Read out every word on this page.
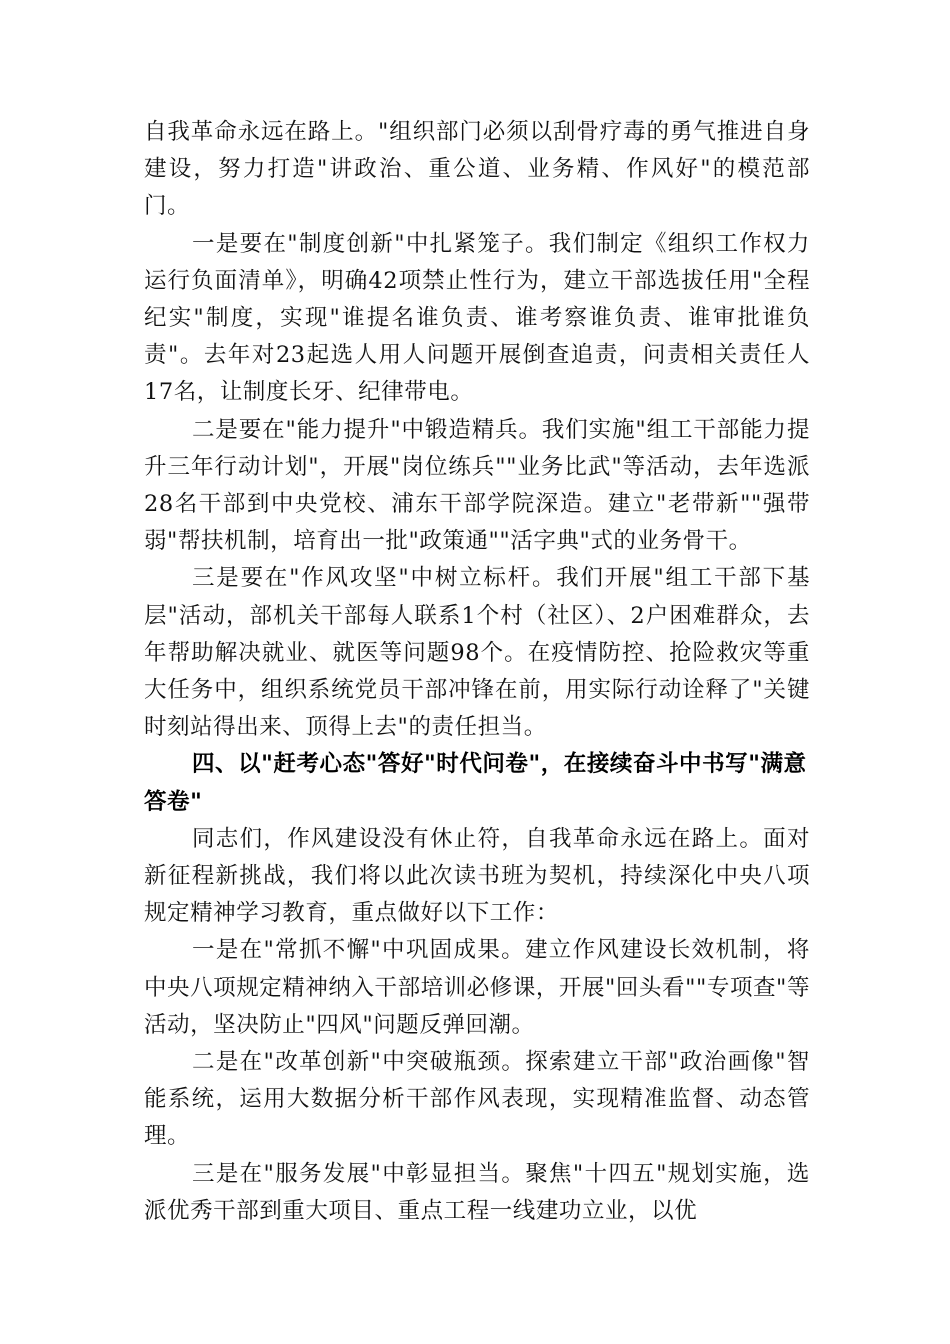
自我革命永远在路上。"组织部门必须以刮骨疗毒的勇气推进自身建设，努力打造"讲政治、重公道、业务精、作风好"的模范部门。

一是要在"制度创新"中扎紧笼子。我们制定《组织工作权力运行负面清单》，明确42项禁止性行为，建立干部选拔任用"全程纪实"制度，实现"谁提名谁负责、谁考察谁负责、谁审批谁负责"。去年对23起选人用人问题开展倒查追责，问责相关责任人17名，让制度长牙、纪律带电。

二是要在"能力提升"中锻造精兵。我们实施"组工干部能力提升三年行动计划"，开展"岗位练兵""业务比武"等活动，去年选派28名干部到中央党校、浦东干部学院深造。建立"老带新""强带弱"帮扶机制，培育出一批"政策通""活字典"式的业务骨干。

三是要在"作风攻坚"中树立标杆。我们开展"组工干部下基层"活动，部机关干部每人联系1个村（社区）、2户困难群众，去年帮助解决就业、就医等问题98个。在疫情防控、抢险救灾等重大任务中，组织系统党员干部冲锋在前，用实际行动诠释了"关键时刻站得出来、顶得上去"的责任担当。

四、以"赶考心态"答好"时代问卷"，在接续奋斗中书写"满意答卷"

同志们，作风建设没有休止符，自我革命永远在路上。面对新征程新挑战，我们将以此次读书班为契机，持续深化中央八项规定精神学习教育，重点做好以下工作：

一是在"常抓不懈"中巩固成果。建立作风建设长效机制，将中央八项规定精神纳入干部培训必修课，开展"回头看""专项查"等活动，坚决防止"四风"问题反弹回潮。

二是在"改革创新"中突破瓶颈。探索建立干部"政治画像"智能系统，运用大数据分析干部作风表现，实现精准监督、动态管理。

三是在"服务发展"中彰显担当。聚焦"十四五"规划实施，选派优秀干部到重大项目、重点工程一线建功立业，以优
